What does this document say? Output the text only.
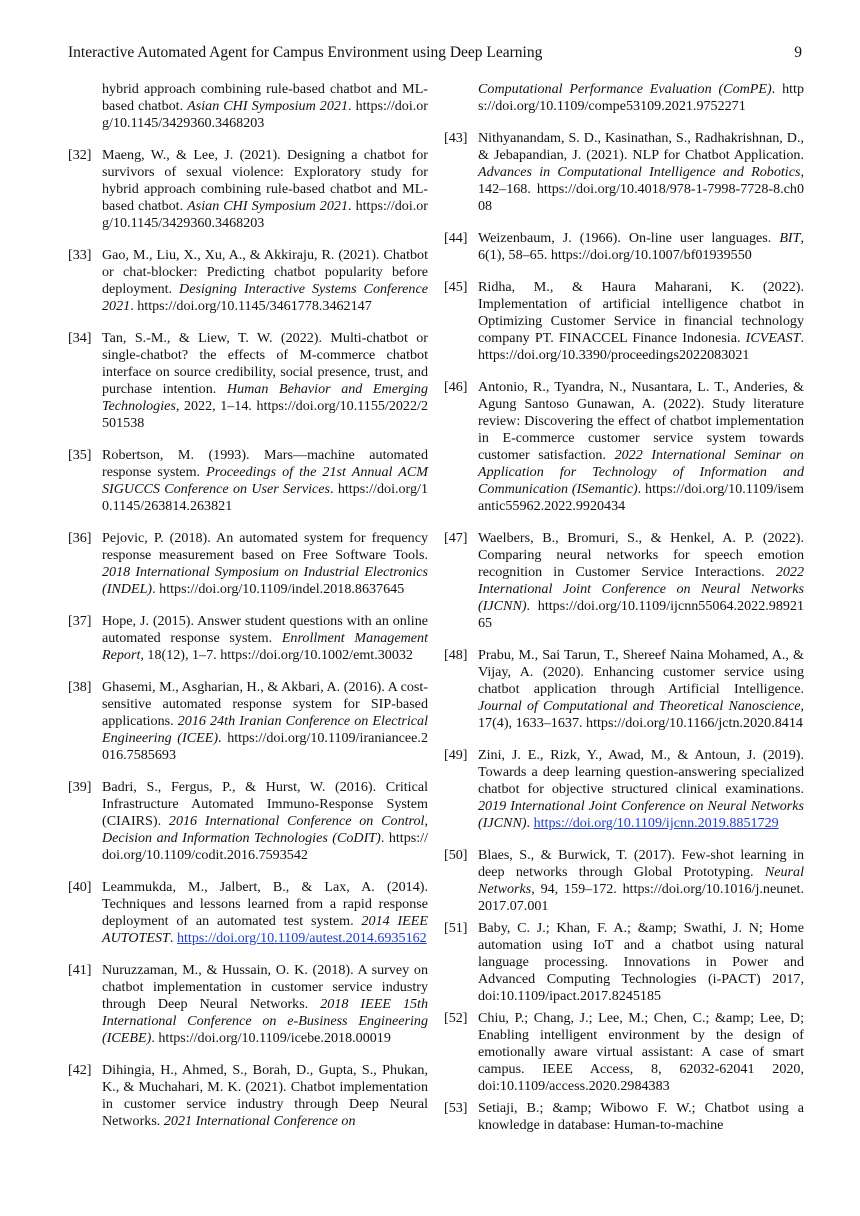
Interactive Automated Agent for Campus Environment using Deep Learning	9
hybrid approach combining rule-based chatbot and ML-based chatbot. Asian CHI Symposium 2021. https://doi.org/10.1145/3429360.3468203
[32] Maeng, W., & Lee, J. (2021). Designing a chatbot for survivors of sexual violence: Exploratory study for hybrid approach combining rule-based chatbot and ML-based chatbot. Asian CHI Symposium 2021. https://doi.org/10.1145/3429360.3468203
[33] Gao, M., Liu, X., Xu, A., & Akkiraju, R. (2021). Chatbot or chat-blocker: Predicting chatbot popularity before deployment. Designing Interactive Systems Conference 2021. https://doi.org/10.1145/3461778.3462147
[34] Tan, S.-M., & Liew, T. W. (2022). Multi-chatbot or single-chatbot? the effects of M-commerce chatbot interface on source credibility, social presence, trust, and purchase intention. Human Behavior and Emerging Technologies, 2022, 1–14. https://doi.org/10.1155/2022/2501538
[35] Robertson, M. (1993). Mars—machine automated response system. Proceedings of the 21st Annual ACM SIGUCCS Conference on User Services. https://doi.org/10.1145/263814.263821
[36] Pejovic, P. (2018). An automated system for frequency response measurement based on Free Software Tools. 2018 International Symposium on Industrial Electronics (INDEL). https://doi.org/10.1109/indel.2018.8637645
[37] Hope, J. (2015). Answer student questions with an online automated response system. Enrollment Management Report, 18(12), 1–7. https://doi.org/10.1002/emt.30032
[38] Ghasemi, M., Asgharian, H., & Akbari, A. (2016). A cost-sensitive automated response system for SIP-based applications. 2016 24th Iranian Conference on Electrical Engineering (ICEE). https://doi.org/10.1109/iraniancee.2016.7585693
[39] Badri, S., Fergus, P., & Hurst, W. (2016). Critical Infrastructure Automated Immuno-Response System (CIAIRS). 2016 International Conference on Control, Decision and Information Technologies (CoDIT). https://doi.org/10.1109/codit.2016.7593542
[40] Leammukda, M., Jalbert, B., & Lax, A. (2014). Techniques and lessons learned from a rapid response deployment of an automated test system. 2014 IEEE AUTOTEST. https://doi.org/10.1109/autest.2014.6935162
[41] Nuruzzaman, M., & Hussain, O. K. (2018). A survey on chatbot implementation in customer service industry through Deep Neural Networks. 2018 IEEE 15th International Conference on e-Business Engineering (ICEBE). https://doi.org/10.1109/icebe.2018.00019
[42] Dihingia, H., Ahmed, S., Borah, D., Gupta, S., Phukan, K., & Muchahari, M. K. (2021). Chatbot implementation in customer service industry through Deep Neural Networks. 2021 International Conference on
Computational Performance Evaluation (ComPE). https://doi.org/10.1109/compe53109.2021.9752271
[43] Nithyanandam, S. D., Kasinathan, S., Radhakrishnan, D., & Jebapandian, J. (2021). NLP for Chatbot Application. Advances in Computational Intelligence and Robotics, 142–168. https://doi.org/10.4018/978-1-7998-7728-8.ch008
[44] Weizenbaum, J. (1966). On-line user languages. BIT, 6(1), 58–65. https://doi.org/10.1007/bf01939550
[45] Ridha, M., & Haura Maharani, K. (2022). Implementation of artificial intelligence chatbot in Optimizing Customer Service in financial technology company PT. FINACCEL Finance Indonesia. ICVEAST. https://doi.org/10.3390/proceedings2022083021
[46] Antonio, R., Tyandra, N., Nusantara, L. T., Anderies, & Agung Santoso Gunawan, A. (2022). Study literature review: Discovering the effect of chatbot implementation in E-commerce customer service system towards customer satisfaction. 2022 International Seminar on Application for Technology of Information and Communication (ISemantic). https://doi.org/10.1109/isemantic55962.2022.9920434
[47] Waelbers, B., Bromuri, S., & Henkel, A. P. (2022). Comparing neural networks for speech emotion recognition in Customer Service Interactions. 2022 International Joint Conference on Neural Networks (IJCNN). https://doi.org/10.1109/ijcnn55064.2022.9892165
[48] Prabu, M., Sai Tarun, T., Shereef Naina Mohamed, A., & Vijay, A. (2020). Enhancing customer service using chatbot application through Artificial Intelligence. Journal of Computational and Theoretical Nanoscience, 17(4), 1633–1637. https://doi.org/10.1166/jctn.2020.8414
[49] Zini, J. E., Rizk, Y., Awad, M., & Antoun, J. (2019). Towards a deep learning question-answering specialized chatbot for objective structured clinical examinations. 2019 International Joint Conference on Neural Networks (IJCNN). https://doi.org/10.1109/ijcnn.2019.8851729
[50] Blaes, S., & Burwick, T. (2017). Few-shot learning in deep networks through Global Prototyping. Neural Networks, 94, 159–172. https://doi.org/10.1016/j.neunet.2017.07.001
[51] Baby, C. J.; Khan, F. A.; &amp; Swathi, J. N; Home automation using IoT and a chatbot using natural language processing. Innovations in Power and Advanced Computing Technologies (i-PACT) 2017, doi:10.1109/ipact.2017.8245185
[52] Chiu, P.; Chang, J.; Lee, M.; Chen, C.; &amp; Lee, D; Enabling intelligent environment by the design of emotionally aware virtual assistant: A case of smart campus. IEEE Access, 8, 62032-62041 2020, doi:10.1109/access.2020.2984383
[53] Setiaji, B.; &amp; Wibowo F. W.; Chatbot using a knowledge in database: Human-to-machine
